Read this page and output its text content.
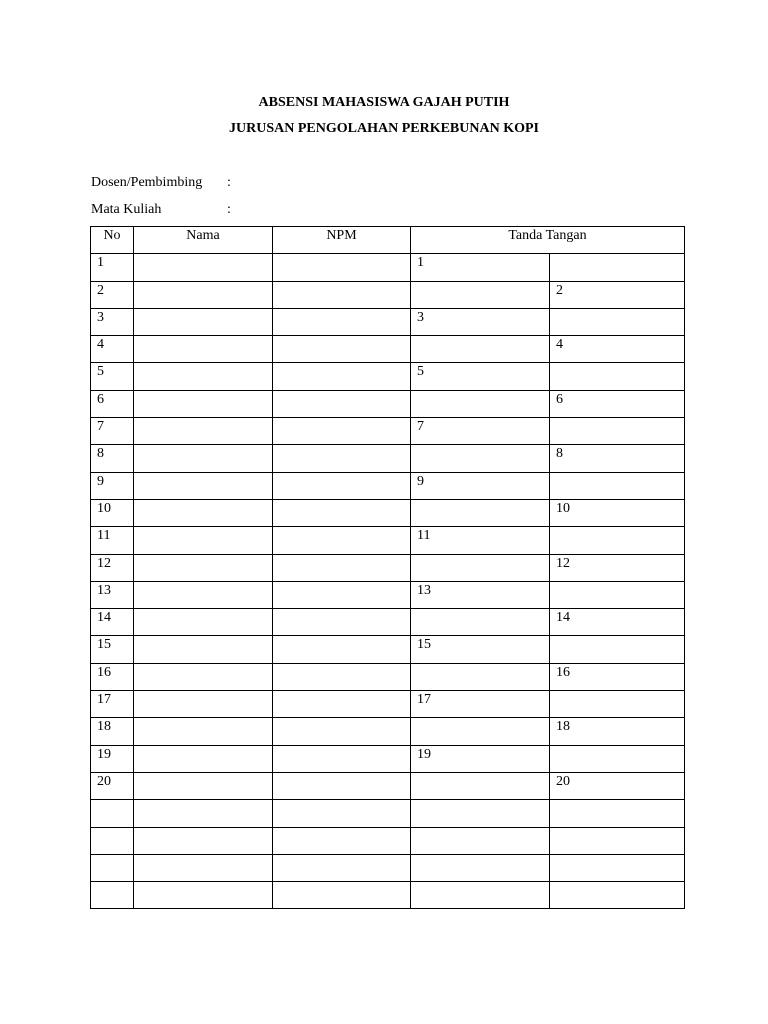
ABSENSI MAHASISWA GAJAH PUTIH
JURUSAN PENGOLAHAN PERKEBUNAN KOPI
Dosen/Pembimbing :
Mata Kuliah	:
No	Nama	NPM	Tanda Tangan	
1			1	
2				2
3			3	
4				4
5			5	
6				6
7			7	
8				8
9			9	
10				10
11			11	
12				12
13			13	
14				14
15			15	
16				16
17			17	
18				18
19			19	
20				20
